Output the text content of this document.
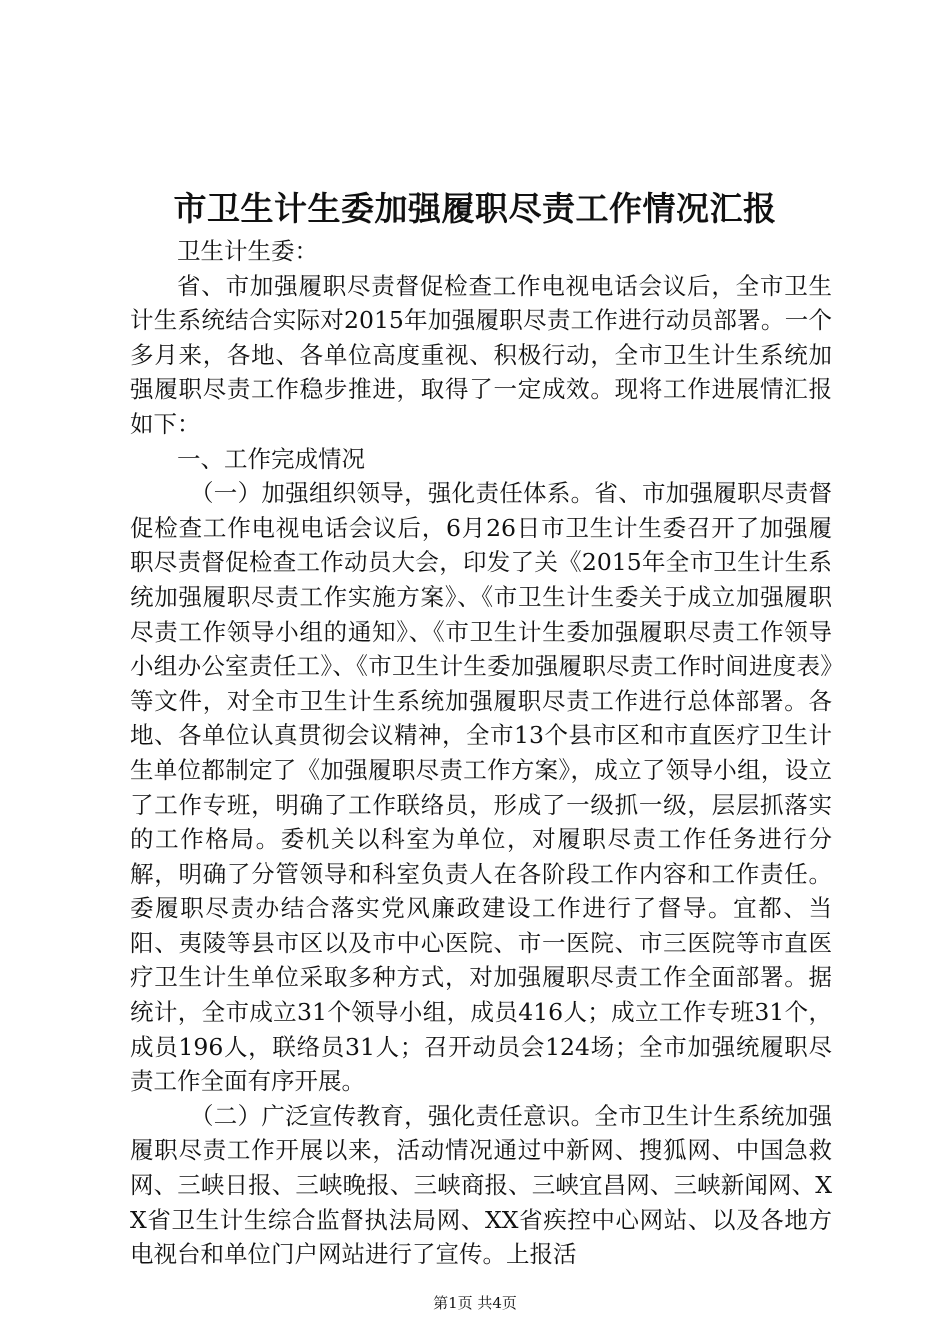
市卫生计生委加强履职尽责工作情况汇报

卫生计生委：

省、市加强履职尽责督促检查工作电视电话会议后，全市卫生计生系统结合实际对2015年加强履职尽责工作进行动员部署。一个多月来，各地、各单位高度重视、积极行动，全市卫生计生系统加强履职尽责工作稳步推进，取得了一定成效。现将工作进展情汇报如下：

一、工作完成情况

（一）加强组织领导，强化责任体系。省、市加强履职尽责督促检查工作电视电话会议后，6月26日市卫生计生委召开了加强履职尽责督促检查工作动员大会，印发了关《2015年全市卫生计生系统加强履职尽责工作实施方案》、《市卫生计生委关于成立加强履职尽责工作领导小组的通知》、《市卫生计生委加强履职尽责工作领导小组办公室责任工》、《市卫生计生委加强履职尽责工作时间进度表》等文件，对全市卫生计生系统加强履职尽责工作进行总体部署。各地、各单位认真贯彻会议精神，全市13个县市区和市直医疗卫生计生单位都制定了《加强履职尽责工作方案》，成立了领导小组，设立了工作专班，明确了工作联络员，形成了一级抓一级，层层抓落实的工作格局。委机关以科室为单位，对履职尽责工作任务进行分解，明确了分管领导和科室负责人在各阶段工作内容和工作责任。委履职尽责办结合落实党风廉政建设工作进行了督导。宜都、当阳、夷陵等县市区以及市中心医院、市一医院、市三医院等市直医疗卫生计生单位采取多种方式，对加强履职尽责工作全面部署。据统计，全市成立31个领导小组，成员416人；成立工作专班31个，成员196人，联络员31人；召开动员会124场；全市加强统履职尽责工作全面有序开展。

（二）广泛宣传教育，强化责任意识。全市卫生计生系统加强履职尽责工作开展以来，活动情况通过中新网、搜狐网、中国急救网、三峡日报、三峡晚报、三峡商报、三峡宜昌网、三峡新闻网、XX省卫生计生综合监督执法局网、XX省疾控中心网站、以及各地方电视台和单位门户网站进行了宣传。上报活

第1页 共4页
